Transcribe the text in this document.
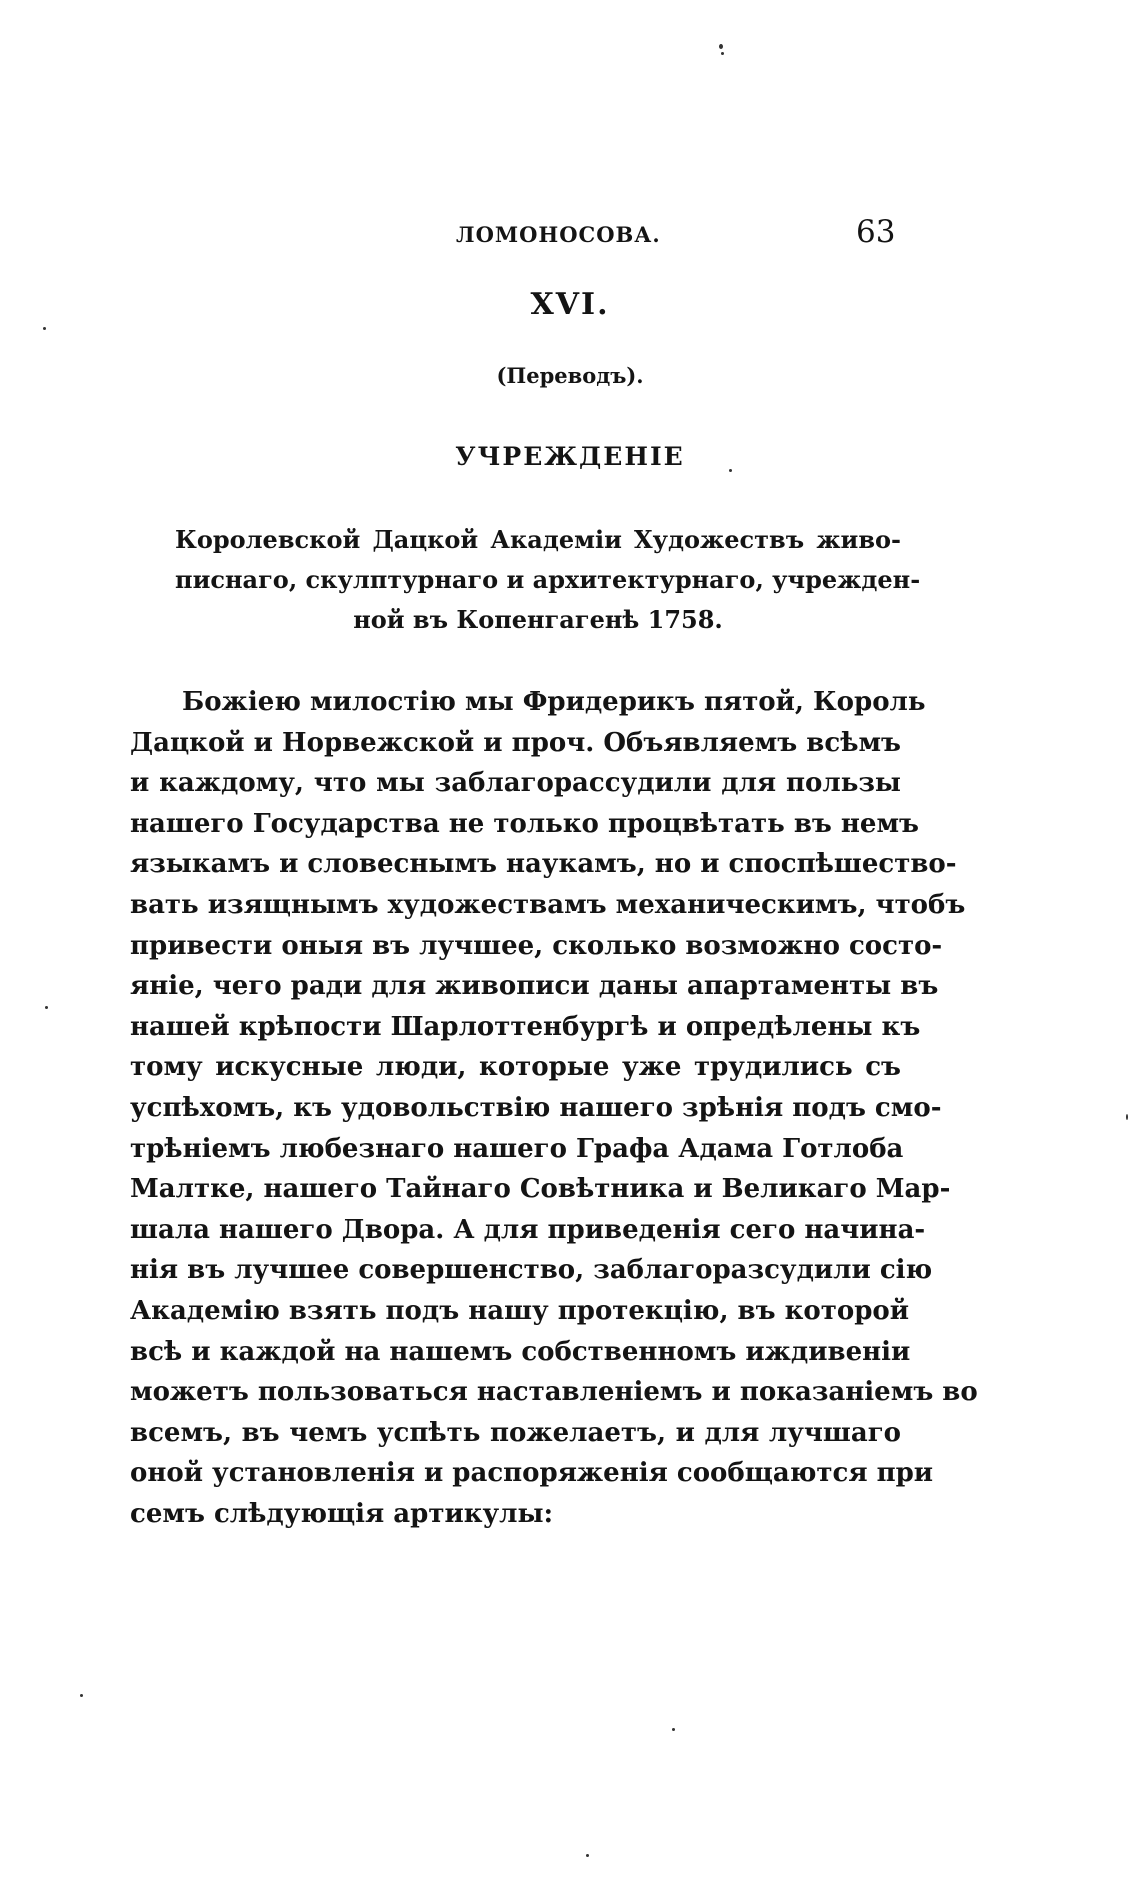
ЛОМОНОСОВА.	63
XVI.
(Переводъ).
УЧРЕЖДЕНІЕ
Королевской Дацкой Академіи Художествъ живо-
писнаго, скулптурнаго и архитектурнаго, учрежден-
ной въ Копенгагенѣ 1758.
Божіею милостію мы Фридерикъ пятой, Король
Дацкой и Норвежской и проч. Объявляемъ всѣмъ
и каждому, что мы заблагорассудили для пользы
нашего Государства не только процвѣтать въ немъ
языкамъ и словеснымъ наукамъ, но и споспѣшество-
вать изящнымъ художествамъ механическимъ, чтобъ
привести оныя въ лучшее, сколько возможно состо-
яніе, чего ради для живописи даны апартаменты въ
нашей крѣпости Шарлоттенбургѣ и опредѣлены къ
тому искусные люди, которые уже трудились съ
успѣхомъ, къ удовольствію нашего зрѣнія подъ смо-
трѣніемъ любезнаго нашего Графа Адама Готлоба
Малтке, нашего Тайнаго Совѣтника и Великаго Мар-
шала нашего Двора. А для приведенія сего начина-
нія въ лучшее совершенство, заблагоразсудили сію
Академію взять подъ нашу протекцію, въ которой
всѣ и каждой на нашемъ собственномъ иждивеніи
можетъ пользоваться наставленіемъ и показаніемъ во
всемъ, въ чемъ успѣть пожелаетъ, и для лучшаго
оной установленія и распоряженія сообщаются при
семъ слѣдующія артикулы:
